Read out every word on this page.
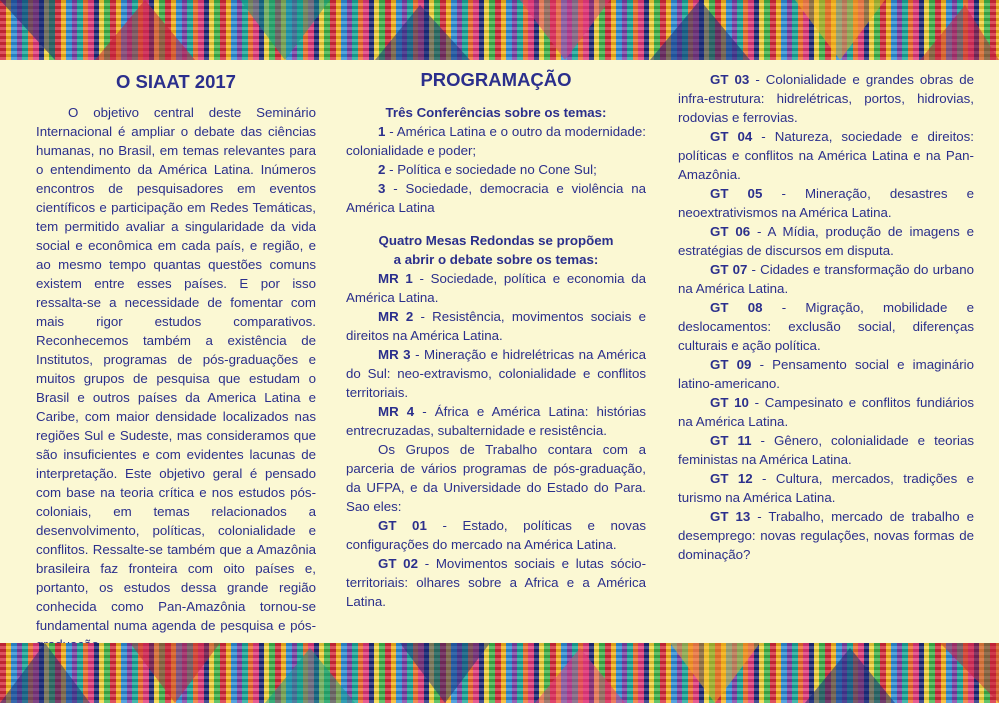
O SIAAT 2017

O objetivo central deste Seminário Internacional é ampliar o debate das ciências humanas, no Brasil, em temas relevantes para o entendimento da América Latina. Inúmeros encontros de pesquisadores em eventos científicos e participação em Redes Temáticas, tem permitido avaliar a singularidade da vida social e econômica em cada país, e região, e ao mesmo tempo quantas questões comuns existem entre esses países. E por isso ressalta-se a necessidade de fomentar com mais rigor estudos comparativos. Reconhecemos também a existência de Institutos, programas de pós-graduações e muitos grupos de pesquisa que estudam o Brasil e outros países da America Latina e Caribe, com maior densidade localizados nas regiões Sul e Sudeste, mas consideramos que são insuficientes e com evidentes lacunas de interpretação. Este objetivo geral é pensado com base na teoria crítica e nos estudos pós-coloniais, em temas relacionados a desenvolvimento, políticas, colonialidade e conflitos. Ressalte-se também que a Amazônia brasileira faz fronteira com oito países e, portanto, os estudos dessa grande região conhecida como Pan-Amazônia tornou-se fundamental numa agenda de pesquisa e pós-

PROGRAMAÇÃO

Três Conferências sobre os temas:

1 - América Latina e o outro da modernidade: colonialidade e poder;

2 - Política e sociedade no Cone Sul;

3 - Sociedade, democracia e violência na América Latina

Quatro Mesas Redondas se propõem

a abrir o debate sobre os temas:

MR 1 - Sociedade, política e economia da América Latina.

MR 2 - Resistência, movimentos sociais e direitos na América Latina.

MR 3 - Mineração e hidrelétricas na América do Sul: neo-extravismo, colonialidade e conflitos territoriais.

MR 4 - África e América Latina: histórias entrecruzadas, subalternidade e resistência.

Os Grupos de Trabalho contara com a parceria de vários programas de pós-graduação, da UFPA, e da Universidade do Estado do Para. Sao eles:

GT 01 - Estado, políticas e novas configurações do mercado na América Latina.

GT 02 - Movimentos sociais e lutas sócio-territoriais: olhares sobre a Africa e a América Latina.

GT 03 - Colonialidade e grandes obras de infra-estrutura: hidrelétricas, portos, hidrovias, rodovias e ferrovias.

GT 04 - Natureza, sociedade e direitos: políticas e conflitos na América Latina e na Pan-Amazônia.

GT 05 - Mineração, desastres e neoextrativismos na América Latina.

GT 06 - A Mídia, produção de imagens e estratégias de discursos em disputa.

GT 07 - Cidades e transformação do urbano na América Latina.

GT 08 - Migração, mobilidade e deslocamentos: exclusão social, diferenças culturais e ação política.

GT 09 - Pensamento social e imaginário latino-americano.

GT 10 - Campesinato e conflitos fundiários na América Latina.

GT 11 - Gênero, colonialidade e teorias feministas na América Latina.

GT 12 - Cultura, mercados, tradições e turismo na América Latina.

GT 13 - Trabalho, mercado de trabalho e desemprego: novas regulações, novas formas de dominação?
